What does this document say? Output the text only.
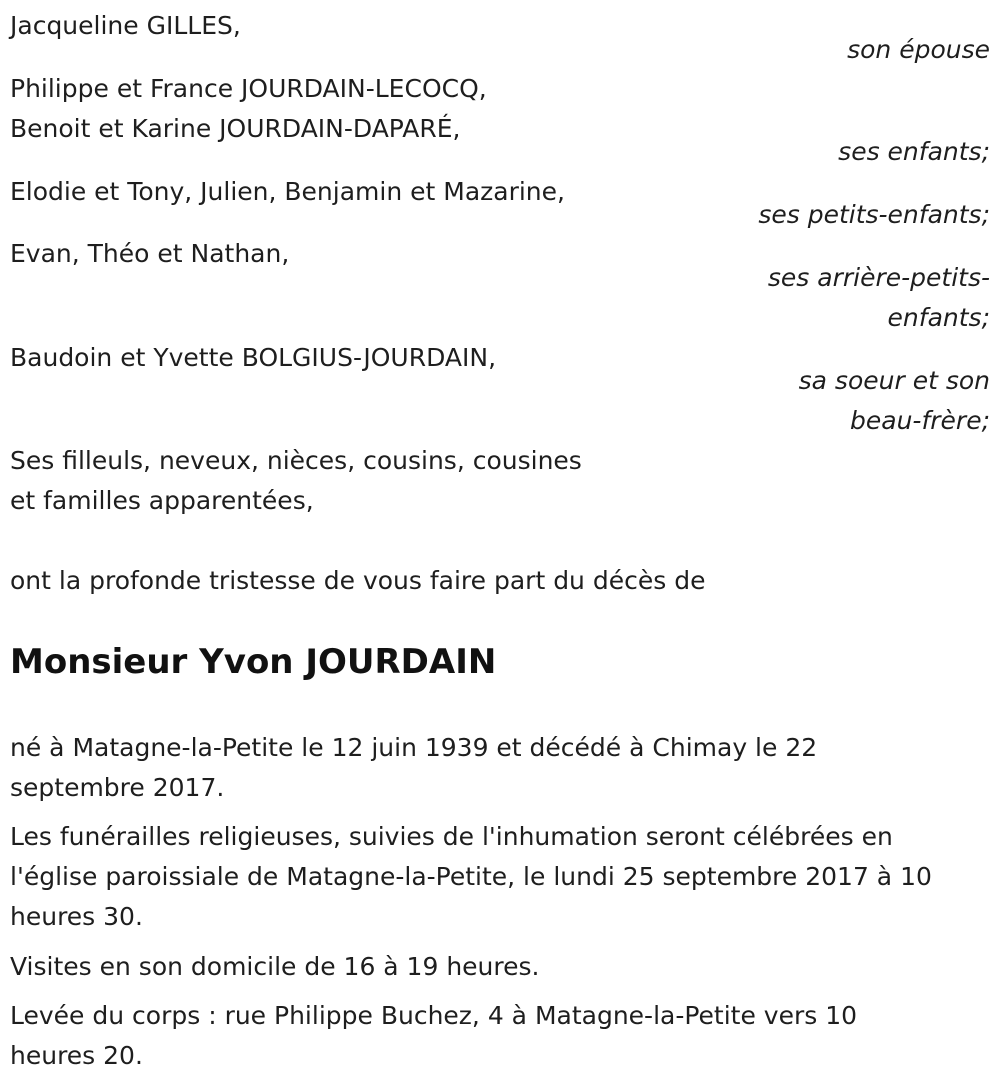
Jacqueline GILLES,
son épouse
Philippe et France JOURDAIN-LECOCQ,
Benoit et Karine JOURDAIN-DAPARÉ,
ses enfants;
Elodie et Tony, Julien, Benjamin et Mazarine,
ses petits-enfants;
Evan, Théo et Nathan,
ses arrière-petits-
enfants;
Baudoin et Yvette BOLGIUS-JOURDAIN,
sa soeur et son
beau-frère;
Ses filleuls, neveux, nièces, cousins, cousines
et familles apparentées,
ont la profonde tristesse de vous faire part du décès de
Monsieur Yvon JOURDAIN
né à Matagne-la-Petite le 12 juin 1939 et décédé à Chimay le 22
septembre 2017.
Les funérailles religieuses, suivies de l'inhumation seront célébrées en
l'église paroissiale de Matagne-la-Petite, le lundi 25 septembre 2017 à 10
heures 30.
Visites en son domicile de 16 à 19 heures.
Levée du corps : rue Philippe Buchez, 4 à Matagne-la-Petite vers 10
heures 20.
